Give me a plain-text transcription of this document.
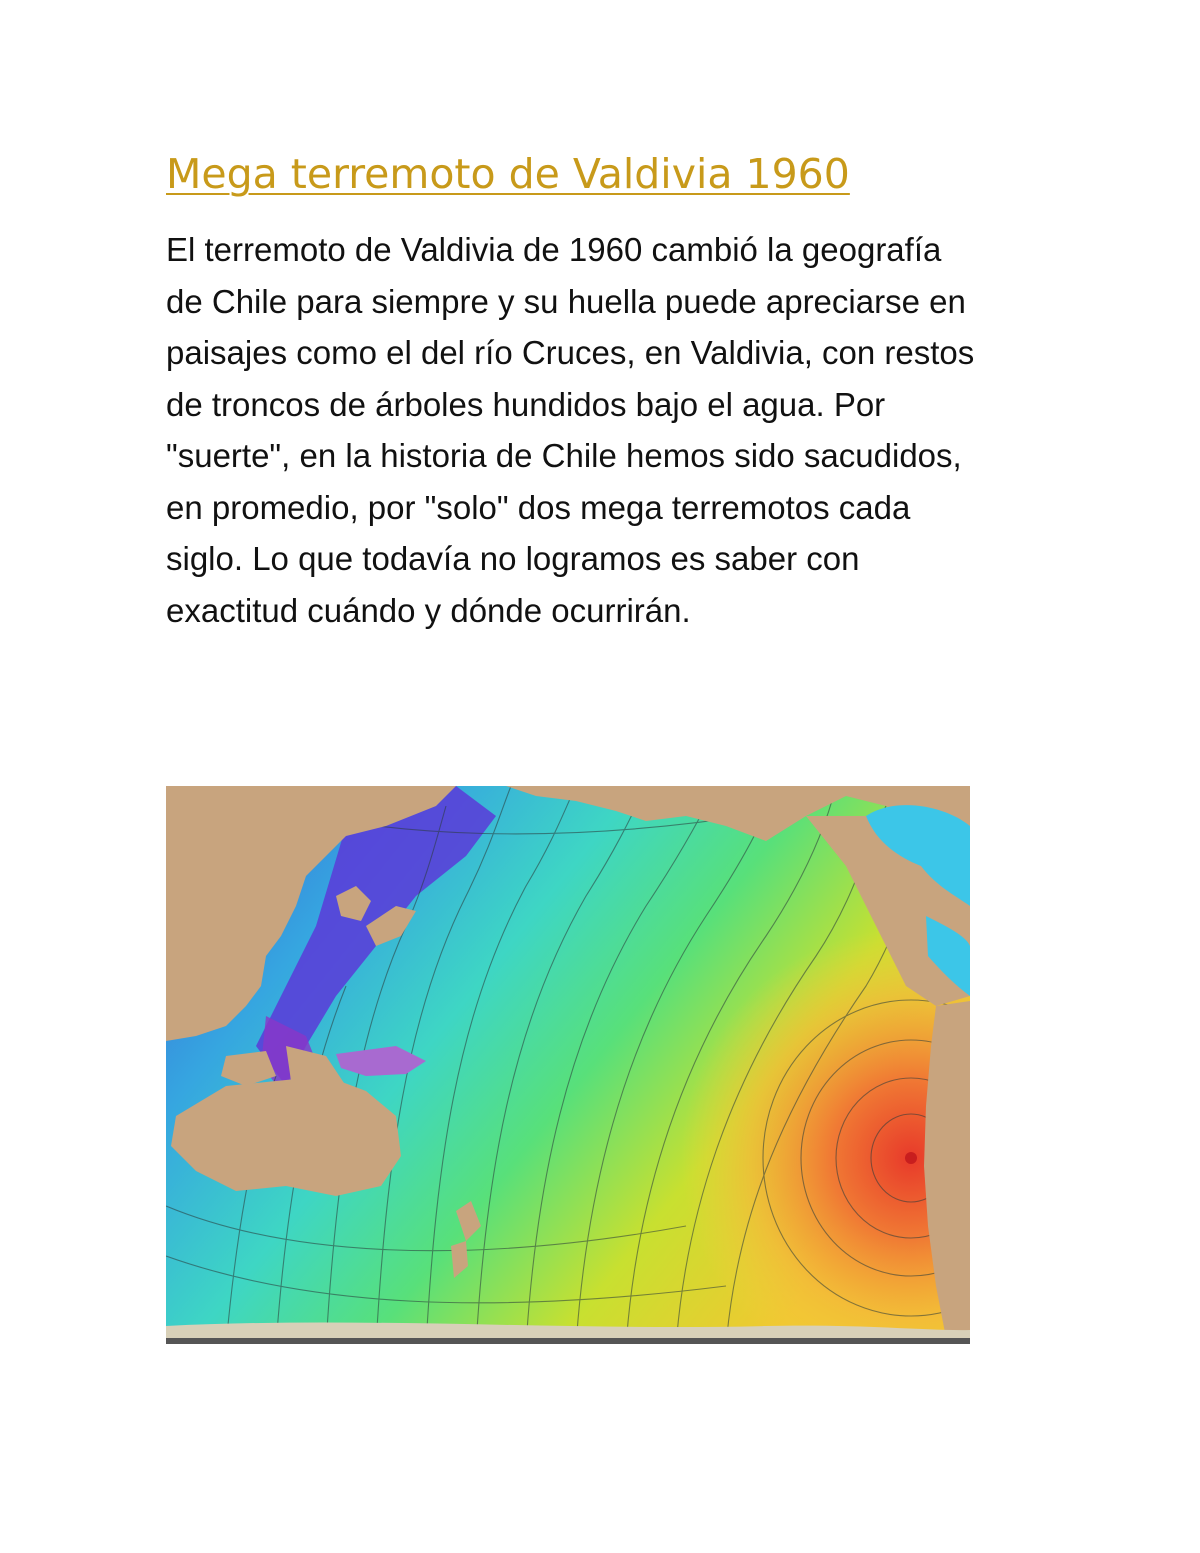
Mega terremoto de Valdivia 1960

El terremoto de Valdivia de 1960 cambió la geografía
de Chile para siempre y su huella puede apreciarse en
paisajes como el del río Cruces, en Valdivia, con restos
de troncos de árboles hundidos bajo el agua. Por
"suerte", en la historia de Chile hemos sido sacudidos,
en promedio, por "solo" dos mega terremotos cada
siglo. Lo que todavía no logramos es saber con
exactitud cuándo y dónde ocurrirán.
